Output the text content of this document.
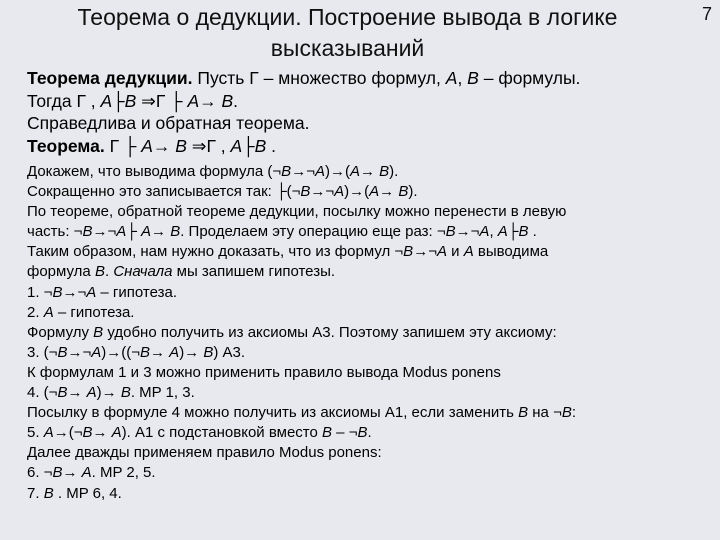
Теорема о дедукции. Построение вывода в логике
высказываний
7
Теорема дедукции. Пусть Г – множество формул, A, B – формулы.
Тогда Г , A├B ⇒Г ├ A→ B.
Справедлива и обратная теорема.
Теорема. Г ├ A→ B ⇒Г , A├B .
Докажем, что выводима формула (¬B→¬A)→(A→ B).
Сокращенно это записывается так: ├(¬B→¬A)→(A→ B).
По теореме, обратной теореме дедукции, посылку можно перенести в левую
часть: ¬B→¬A├ A→ B. Проделаем эту операцию еще раз: ¬B→¬A, A├B .
Таким образом, нам нужно доказать, что из формул ¬B→¬A и A выводима
формула B. Сначала мы запишем гипотезы.
1. ¬B→¬A – гипотеза.
2. A – гипотеза.
Формулу B удобно получить из аксиомы А3. Поэтому запишем эту аксиому:
3. (¬B→¬A)→((¬B→ A)→ B) А3.
К формулам 1 и 3 можно применить правило вывода Modus ponens
4. (¬B→ A)→ B. MP 1, 3.
Посылку в формуле 4 можно получить из аксиомы А1, если заменить B на ¬B:
5. A→(¬B→ A). А1 с подстановкой вместо B – ¬B.
Далее дважды применяем правило Modus ponens:
6. ¬B→ A. MP 2, 5.
7. B . MP 6, 4.
